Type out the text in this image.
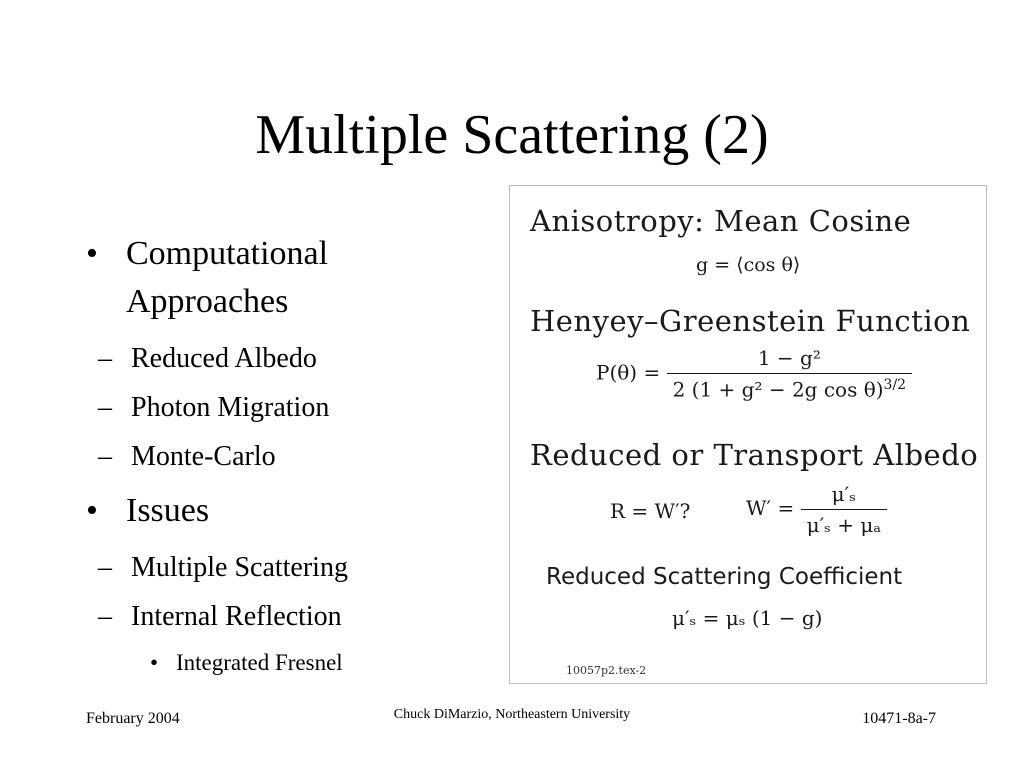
Multiple Scattering (2)
• Computational Approaches
– Reduced Albedo
– Photon Migration
– Monte-Carlo
• Issues
– Multiple Scattering
– Internal Reflection
• Integrated Fresnel
Anisotropy: Mean Cosine
g = ⟨cos θ⟩
Henyey–Greenstein Function
$P(\theta) = \frac{\text{1 − g²}}{2 (1 + g^2 - 2g \cos \theta)^{3/2}}$
Reduced or Transport Albedo
R = W′?	$W' = \frac{\text{μ′ₛ}}{\text{μ′ₛ + μₐ}}$
Reduced Scattering Coefficient
μ′ₛ = μₛ (1 − g)
10057p2.tex-2
February 2004	Chuck DiMarzio, Northeastern University	10471-8a-7
